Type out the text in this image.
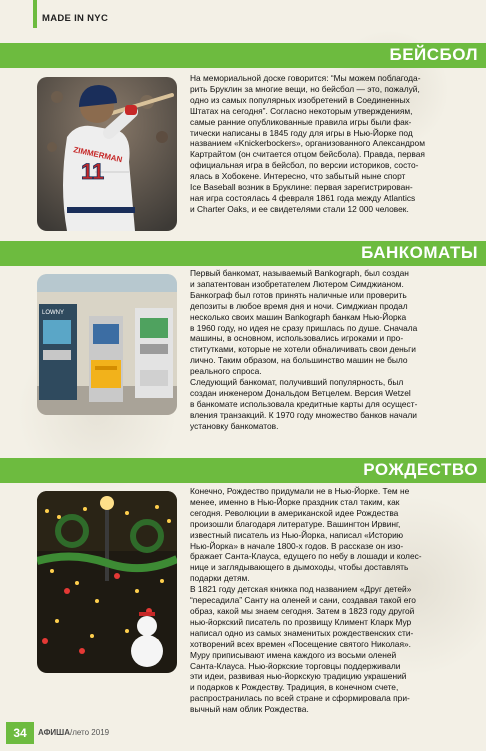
MADE IN NYC
БЕЙСБОЛ
ZIMMERMAN
11
На мемориальной доске говорится: “Мы можем поблагода-
рить Бруклин за многие вещи, но бейсбол — это, пожалуй,
одно из самых популярных изобретений в Соединенных
Штатах на сегодня”. Согласно некоторым утверждениям,
самые ранние опубликованные правила игры были фак-
тически написаны в 1845 году для игры в Нью-Йорке под
названием «Knickerbockers», организованного Александром
Картрайтом (он считается отцом бейсбола). Правда, первая
официальная игра в бейсбол, по версии историков, состо-
ялась в Хобокене. Интересно, что забытый ныне спорт
Ice Baseball возник в Бруклине: первая зарегистрирован-
ная игра состоялась 4 февраля 1861 года между Atlantics
и Charter Oaks, и ее свидетелями стали 12 000 человек.
БАНКОМАТЫ
LOWNY
Первый банкомат, называемый Bankograph, был создан
и запатентован изобретателем Лютером Симджианом.
Банкограф был готов принять наличные или проверить
депозиты в любое время дня и ночи. Симджиан продал
несколько своих машин Bankograph банкам Нью-Йорка
в 1960 году, но идея не сразу пришлась по душе. Сначала
машины, в основном, использовались игроками и про-
ститутками, которые не хотели обналичивать свои деньги
лично. Таким образом, на большинство машин не было
реального спроса.
Следующий банкомат, получивший популярность, был
создан инженером Дональдом Ветцелем. Версия Wetzel
в банкомате использовала кредитные карты для осущест-
вления транзакций. К 1970 году множество банков начали
установку банкоматов.
РОЖДЕСТВО
Конечно, Рождество придумали не в Нью-Йорке. Тем не
менее, именно в Нью-Йорке праздник стал таким, как
сегодня. Революции в американской идее Рождества
произошли благодаря литературе. Вашингтон Ирвинг,
известный писатель из Нью-Йорка, написал «Историю
Нью-Йорка» в начале 1800-х годов. В рассказе он изо-
бражает Санта-Клауса, едущего по небу в лошади и колес-
нице и заглядывающего в дымоходы, чтобы доставлять
подарки детям.
В 1821 году детская книжка под названием «Друг детей»
“пересадила” Санту на оленей и сани, создавая такой его
образ, какой мы знаем сегодня. Затем в 1823 году другой
нью-йоркский писатель по прозвищу Климент Кларк Мур
написал одно из самых знаменитых рождественских сти-
хотворений всех времен «Посещение святого Николая».
Муру приписывают имена каждого из восьми оленей
Санта-Клауса. Нью-йоркские торговцы поддерживали
эти идеи, развивая нью-йоркскую традицию украшений
и подарков к Рождеству. Традиция, в конечном счете,
распространилась по всей стране и сформировала при-
вычный нам облик Рождества.
34	АФИША/лето 2019
